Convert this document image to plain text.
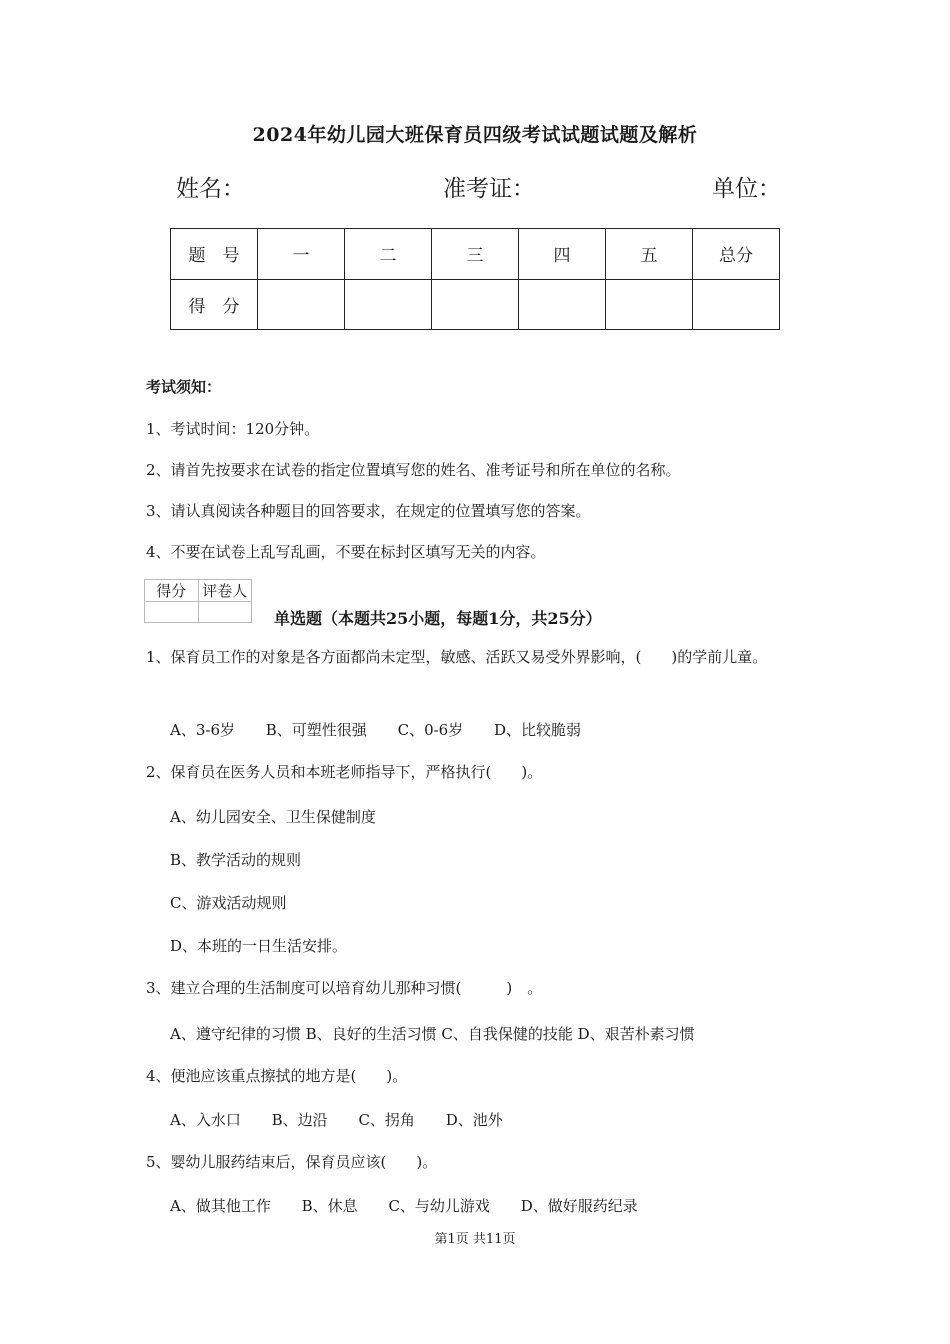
2024年幼儿园大班保育员四级考试试题试题及解析
姓名：	准考证：	单位：
题　号	一	二	三	四	五	总分
得　分						
考试须知：
1、考试时间：120分钟。
2、请首先按要求在试卷的指定位置填写您的姓名、准考证号和所在单位的名称。
3、请认真阅读各种题目的回答要求，在规定的位置填写您的答案。
4、不要在试卷上乱写乱画，不要在标封区填写无关的内容。
得分	评卷人

单选题（本题共25小题，每题1分，共25分）
1、保育员工作的对象是各方面都尚未定型，敏感、活跃又易受外界影响，(　　)的学前儿童。
A、3-6岁 B、可塑性很强 C、0-6岁 D、比较脆弱
2、保育员在医务人员和本班老师指导下，严格执行(　　)。
A、幼儿园安全、卫生保健制度
B、教学活动的规则
C、游戏活动规则
D、本班的一日生活安排。
3、建立合理的生活制度可以培育幼儿那种习惯(　　　)　。
A、遵守纪律的习惯 B、良好的生活习惯 C、自我保健的技能 D、艰苦朴素习惯
4、便池应该重点擦拭的地方是(　　)。
A、入水口 B、边沿 C、拐角 D、池外
5、婴幼儿服药结束后，保育员应该(　　)。
A、做其他工作 B、休息 C、与幼儿游戏 D、做好服药纪录
第1页 共11页
